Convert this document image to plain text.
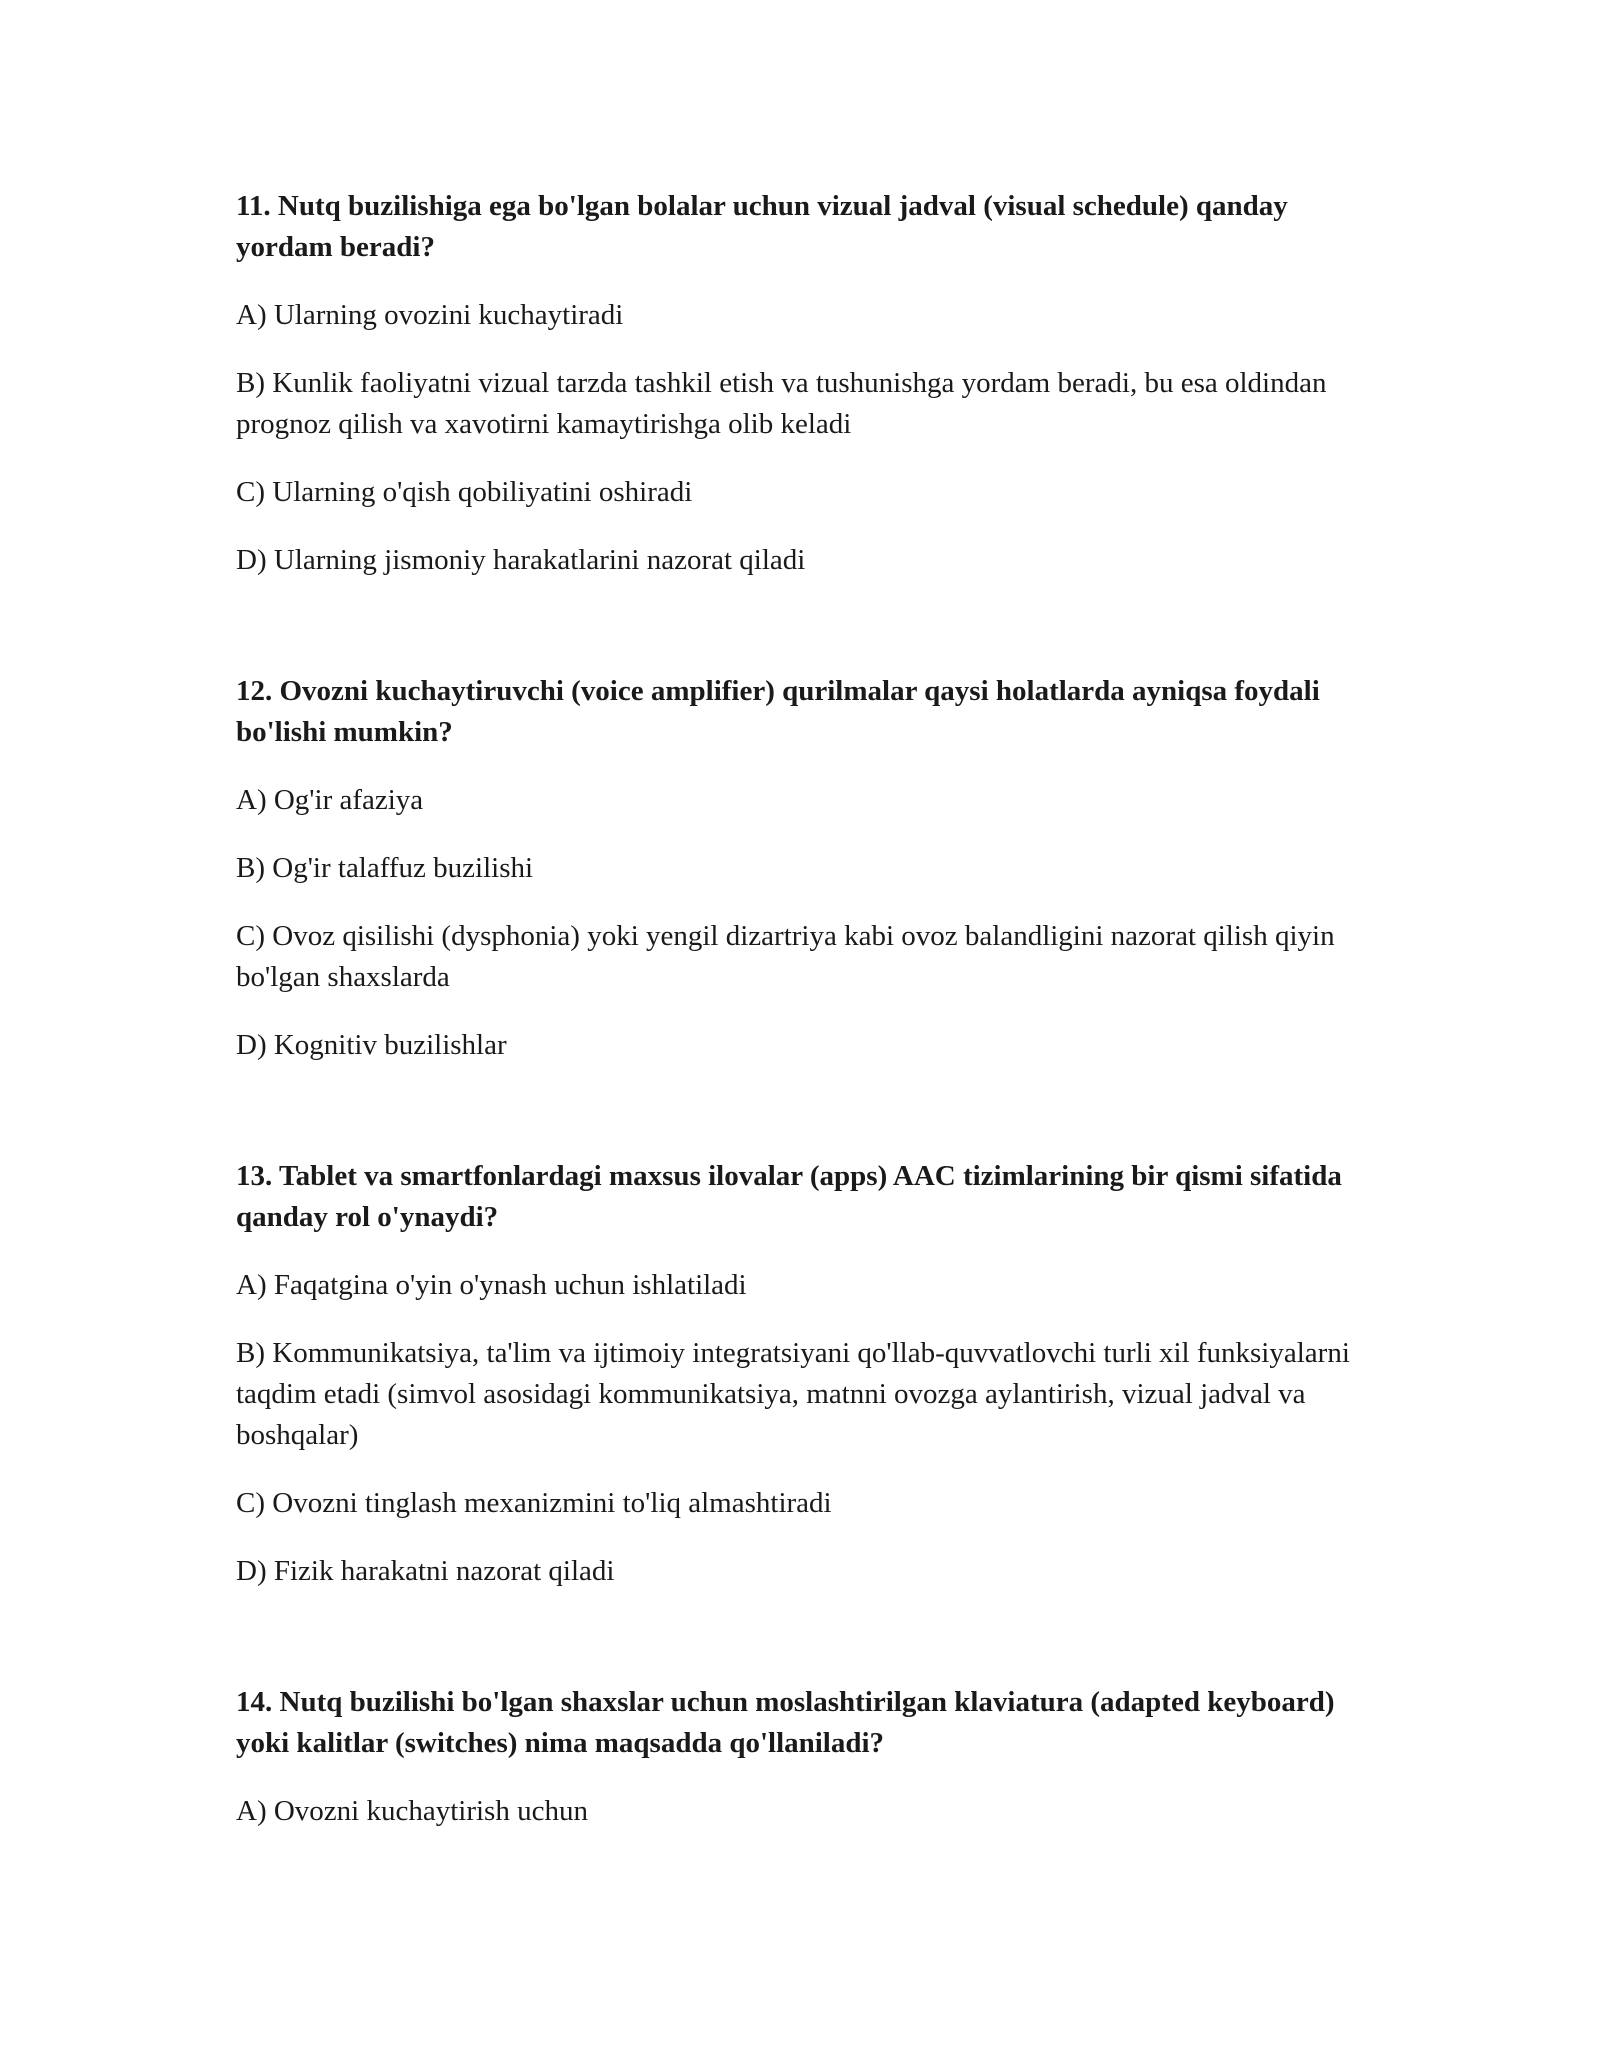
11. Nutq buzilishiga ega bo'lgan bolalar uchun vizual jadval (visual schedule) qanday yordam beradi?

A) Ularning ovozini kuchaytiradi

B) Kunlik faoliyatni vizual tarzda tashkil etish va tushunishga yordam beradi, bu esa oldindan prognoz qilish va xavotirni kamaytirishga olib keladi

C) Ularning o'qish qobiliyatini oshiradi

D) Ularning jismoniy harakatlarini nazorat qiladi

12. Ovozni kuchaytiruvchi (voice amplifier) qurilmalar qaysi holatlarda ayniqsa foydali bo'lishi mumkin?

A) Og'ir afaziya

B) Og'ir talaffuz buzilishi

C) Ovoz qisilishi (dysphonia) yoki yengil dizartriya kabi ovoz balandligini nazorat qilish qiyin bo'lgan shaxslarda

D) Kognitiv buzilishlar

13. Tablet va smartfonlardagi maxsus ilovalar (apps) AAC tizimlarining bir qismi sifatida qanday rol o'ynaydi?

A) Faqatgina o'yin o'ynash uchun ishlatiladi

B) Kommunikatsiya, ta'lim va ijtimoiy integratsiyani qo'llab-quvvatlovchi turli xil funksiyalarni taqdim etadi (simvol asosidagi kommunikatsiya, matnni ovozga aylantirish, vizual jadval va boshqalar)

C) Ovozni tinglash mexanizmini to'liq almashtiradi

D) Fizik harakatni nazorat qiladi

14. Nutq buzilishi bo'lgan shaxslar uchun moslashtirilgan klaviatura (adapted keyboard) yoki kalitlar (switches) nima maqsadda qo'llaniladi?

A) Ovozni kuchaytirish uchun
